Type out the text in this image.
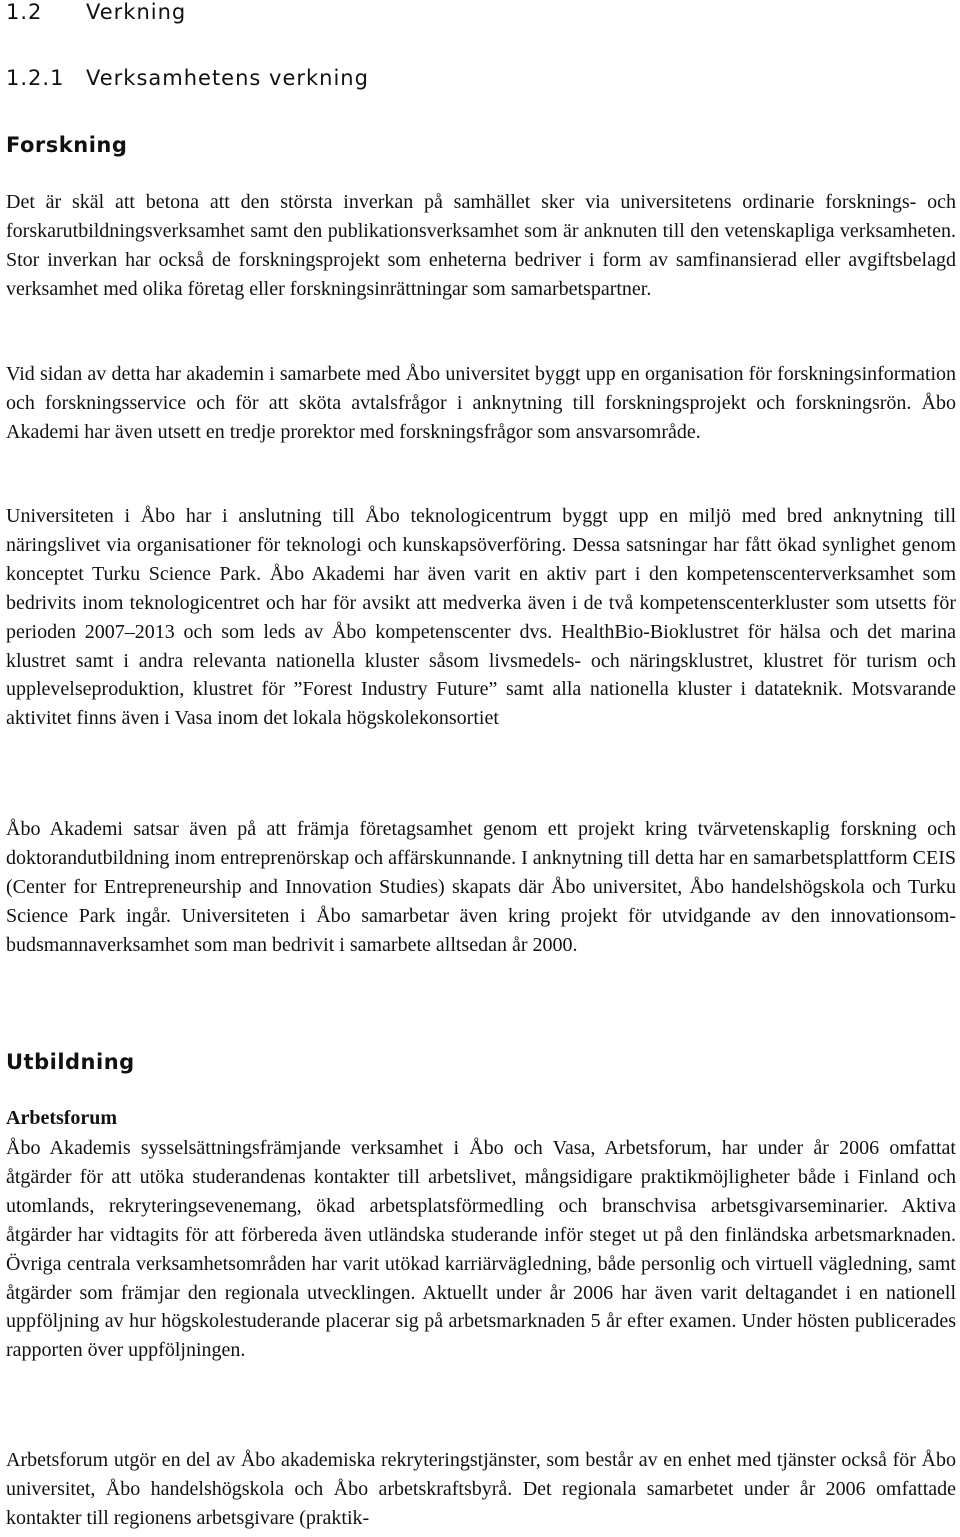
1.2 Verkning
1.2.1 Verksamhetens verkning
Forskning

Det är skäl att betona att den största inverkan på samhället sker via universitetens ordinarie forsknings- och forskarutbildningsverksamhet samt den publikationsverksamhet som är anknuten till den vetenskapliga verksamheten. Stor inverkan har också de forskningsprojekt som enheterna bedriver i form av samfinansierad eller avgiftsbelagd verksamhet med olika företag eller forskningsinrättningar som samarbetspartner.

Vid sidan av detta har akademin i samarbete med Åbo universitet byggt upp en organisation för forskningsinformation och forskningsservice och för att sköta avtalsfrågor i anknytning till forskningsprojekt och forskningsrön. Åbo Akademi har även utsett en tredje prorektor med forskningsfrågor som ansvarsområde.

Universiteten i Åbo har i anslutning till Åbo teknologicentrum byggt upp en miljö med bred anknytning till näringslivet via organisationer för teknologi och kunskapsöverföring. Dessa satsningar har fått ökad synlighet genom konceptet Turku Science Park. Åbo Akademi har även varit en aktiv part i den kompetenscenterverksamhet som bedrivits inom teknologicentret och har för avsikt att medverka även i de två kompetenscenterkluster som utsetts för perioden 2007–2013 och som leds av Åbo kompetenscenter dvs. HealthBio-Bioklustret för hälsa och det marina klustret samt i andra relevanta nationella kluster såsom livsmedels- och näringsklustret, klustret för turism och upplevelseproduktion, klustret för ”Forest Industry Future” samt alla nationella kluster i datateknik. Motsvarande aktivitet finns även i Vasa inom det lokala högskolekonsortiet

Åbo Akademi satsar även på att främja företagsamhet genom ett projekt kring tvärvetenskaplig forskning och doktorandutbildning inom entreprenörskap och affärskunnande. I anknytning till detta har en samarbetsplattform CEIS (Center for Entrepreneurship and Innovation Studies) skapats där Åbo universitet, Åbo handelshögskola och Turku Science Park ingår. Universiteten i Åbo samarbetar även kring projekt för utvidgande av den innovationsombudsmannaverksamhet som man bedrivit i samarbete alltsedan år 2000.

Utbildning
Arbetsforum

Åbo Akademis sysselsättningsfrämjande verksamhet i Åbo och Vasa, Arbetsforum, har under år 2006 omfattat åtgärder för att utöka studerandenas kontakter till arbetslivet, mångsidigare praktikmöjligheter både i Finland och utomlands, rekryteringsevenemang, ökad arbetsplatsförmedling och branschvisa arbetsgivarseminarier. Aktiva åtgärder har vidtagits för att förbereda även utländska studerande inför steget ut på den finländska arbetsmarknaden. Övriga centrala verksamhetsområden har varit utökad karriärvägledning, både personlig och virtuell vägledning, samt åtgärder som främjar den regionala utvecklingen. Aktuellt under år 2006 har även varit deltagandet i en nationell uppföljning av hur högskolestuderande placerar sig på arbetsmarknaden 5 år efter examen. Under hösten publicerades rapporten över uppföljningen.

Arbetsforum utgör en del av Åbo akademiska rekryteringstjänster, som består av en enhet med tjänster också för Åbo universitet, Åbo handelshögskola och Åbo arbetskraftsbyrå. Det regionala samarbetet under år 2006 omfattade kontakter till regionens arbetsgivare (praktik-
